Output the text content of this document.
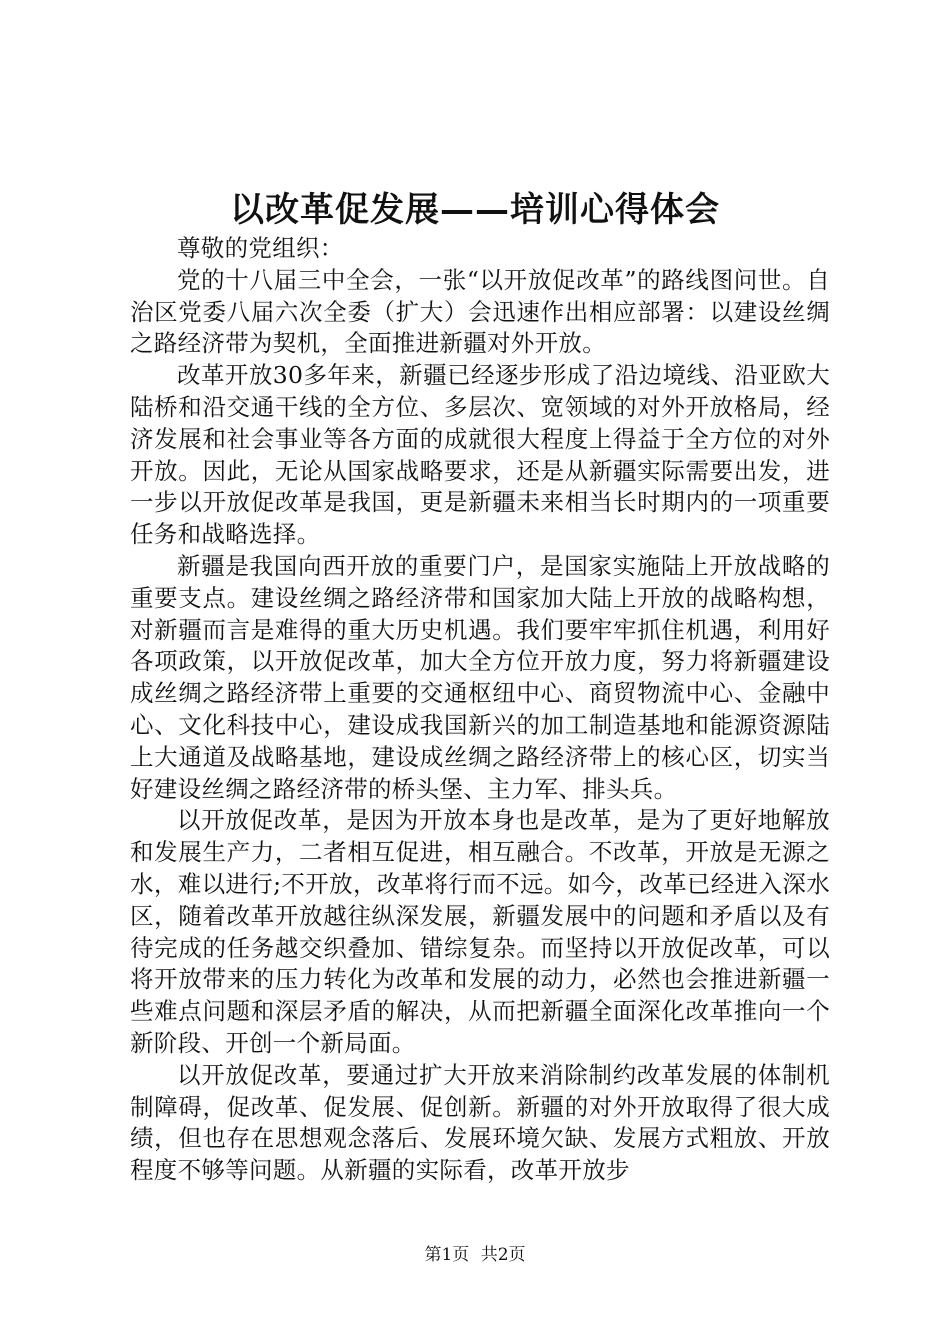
以改革促发展——培训心得体会

尊敬的党组织：

党的十八届三中全会，一张“以开放促改革”的路线图问世。自治区党委八届六次全委（扩大）会迅速作出相应部署：以建设丝绸之路经济带为契机，全面推进新疆对外开放。

改革开放30多年来，新疆已经逐步形成了沿边境线、沿亚欧大陆桥和沿交通干线的全方位、多层次、宽领域的对外开放格局，经济发展和社会事业等各方面的成就很大程度上得益于全方位的对外开放。因此，无论从国家战略要求，还是从新疆实际需要出发，进一步以开放促改革是我国，更是新疆未来相当长时期内的一项重要任务和战略选择。

新疆是我国向西开放的重要门户，是国家实施陆上开放战略的重要支点。建设丝绸之路经济带和国家加大陆上开放的战略构想，对新疆而言是难得的重大历史机遇。我们要牢牢抓住机遇，利用好各项政策，以开放促改革，加大全方位开放力度，努力将新疆建设成丝绸之路经济带上重要的交通枢纽中心、商贸物流中心、金融中心、文化科技中心，建设成我国新兴的加工制造基地和能源资源陆上大通道及战略基地，建设成丝绸之路经济带上的核心区，切实当好建设丝绸之路经济带的桥头堡、主力军、排头兵。

以开放促改革，是因为开放本身也是改革，是为了更好地解放和发展生产力，二者相互促进，相互融合。不改革，开放是无源之水，难以进行;不开放，改革将行而不远。如今，改革已经进入深水区，随着改革开放越往纵深发展，新疆发展中的问题和矛盾以及有待完成的任务越交织叠加、错综复杂。而坚持以开放促改革，可以将开放带来的压力转化为改革和发展的动力，必然也会推进新疆一些难点问题和深层矛盾的解决，从而把新疆全面深化改革推向一个新阶段、开创一个新局面。

以开放促改革，要通过扩大开放来消除制约改革发展的体制机制障碍，促改革、促发展、促创新。新疆的对外开放取得了很大成绩，但也存在思想观念落后、发展环境欠缺、发展方式粗放、开放程度不够等问题。从新疆的实际看，改革开放步

第1页 共2页
